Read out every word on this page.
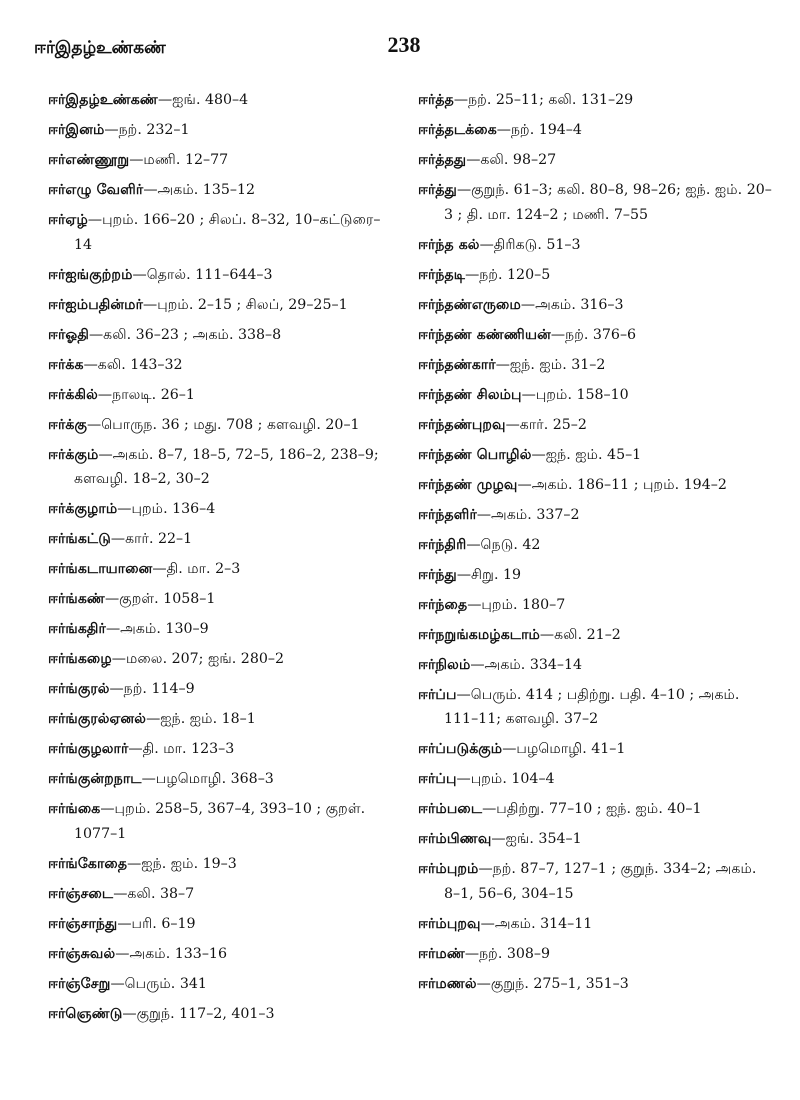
ஈர்இதழ்உண்கண்	238
ஈர்இதழ்உண்கண்—ஐங். 480–4
ஈர்இனம்—நற். 232–1
ஈர்எண்ணூறு—மணி. 12–77
ஈர்எழு வேளிர்—அகம். 135–12
ஈர்ஏழ்—புறம். 166–20 ; சிலப். 8–32, 10–கட்டுரை–14
ஈர்ஐங்குற்றம்—தொல். 111–644–3
ஈர்ஐம்பதின்மர்—புறம். 2–15 ; சிலப், 29–25–1
ஈர்ஓதி—கலி. 36–23 ; அகம். 338–8
ஈர்க்க—கலி. 143–32
ஈர்க்கில்—நாலடி. 26–1
ஈர்க்கு—பொருந. 36 ; மது. 708 ; களவழி. 20–1
ஈர்க்கும்—அகம். 8–7, 18–5, 72–5, 186–2, 238–9; களவழி. 18–2, 30–2
ஈர்க்குழாம்—புறம். 136–4
ஈர்ங்கட்டு—கார். 22–1
ஈர்ங்கடாயானை—தி. மா. 2–3
ஈர்ங்கண்—குறள். 1058–1
ஈர்ங்கதிர்—அகம். 130–9
ஈர்ங்கழை—மலை. 207; ஐங். 280–2
ஈர்ங்குரல்—நற். 114–9
ஈர்ங்குரல்ஏனல்—ஐந். ஐம். 18–1
ஈர்ங்குழலார்—தி. மா. 123–3
ஈர்ங்குன்றநாட—பழமொழி. 368–3
ஈர்ங்கை—புறம். 258–5, 367–4, 393–10 ; குறள். 1077–1
ஈர்ங்கோதை—ஐந். ஐம். 19–3
ஈர்ஞ்சடை—கலி. 38–7
ஈர்ஞ்சாந்து—பரி. 6–19
ஈர்ஞ்சுவல்—அகம். 133–16
ஈர்ஞ்சேறு—பெரும். 341
ஈர்ஞெண்டு—குறுந். 117–2, 401–3
ஈர்த்த—நற். 25–11; கலி. 131–29
ஈர்த்தடக்கை—நற். 194–4
ஈர்த்தது—கலி. 98–27
ஈர்த்து—குறுந். 61–3; கலி. 80–8, 98–26; ஐந். ஐம். 20–3 ; தி. மா. 124–2 ; மணி. 7–55
ஈர்ந்த கல்—திரிகடு. 51–3
ஈர்ந்தடி—நற். 120–5
ஈர்ந்தண்எருமை—அகம். 316–3
ஈர்ந்தண் கண்ணியன்—நற். 376–6
ஈர்ந்தண்கார்—ஐந். ஐம். 31–2
ஈர்ந்தண் சிலம்பு—புறம். 158–10
ஈர்ந்தண்புறவு—கார். 25–2
ஈர்ந்தண் பொழில்—ஐந். ஐம். 45–1
ஈர்ந்தண் முழவு—அகம். 186–11 ; புறம். 194–2
ஈர்ந்தளிர்—அகம். 337–2
ஈர்ந்திரி—நெடு. 42
ஈர்ந்து—சிறு. 19
ஈர்ந்தை—புறம். 180–7
ஈர்நறுங்கமழ்கடாம்—கலி. 21–2
ஈர்நிலம்—அகம். 334–14
ஈர்ப்ப—பெரும். 414 ; பதிற்று. பதி. 4–10 ; அகம். 111–11; களவழி. 37–2
ஈர்ப்படுக்கும்—பழமொழி. 41–1
ஈர்ப்பு—புறம். 104–4
ஈர்ம்படை—பதிற்று. 77–10 ; ஐந். ஐம். 40–1
ஈர்ம்பிணவு—ஐங். 354–1
ஈர்ம்புறம்—நற். 87–7, 127–1 ; குறுந். 334–2; அகம். 8–1, 56–6, 304–15
ஈர்ம்புறவு—அகம். 314–11
ஈர்மண்—நற். 308–9
ஈர்மணல்—குறுந். 275–1, 351–3
